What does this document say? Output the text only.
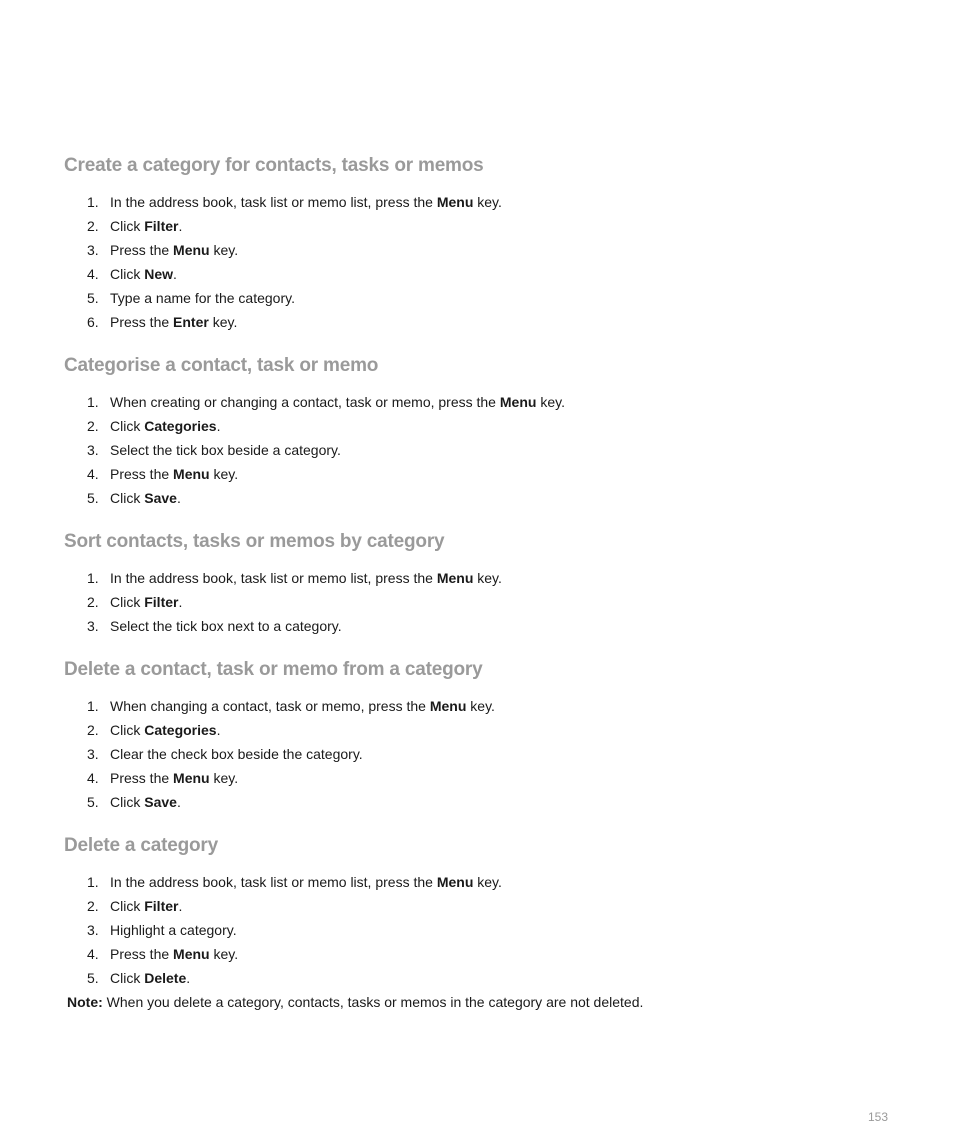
Create a category for contacts, tasks or memos
1. In the address book, task list or memo list, press the Menu key.
2. Click Filter.
3. Press the Menu key.
4. Click New.
5. Type a name for the category.
6. Press the Enter key.
Categorise a contact, task or memo
1. When creating or changing a contact, task or memo, press the Menu key.
2. Click Categories.
3. Select the tick box beside a category.
4. Press the Menu key.
5. Click Save.
Sort contacts, tasks or memos by category
1. In the address book, task list or memo list, press the Menu key.
2. Click Filter.
3. Select the tick box next to a category.
Delete a contact, task or memo from a category
1. When changing a contact, task or memo, press the Menu key.
2. Click Categories.
3. Clear the check box beside the category.
4. Press the Menu key.
5. Click Save.
Delete a category
1. In the address book, task list or memo list, press the Menu key.
2. Click Filter.
3. Highlight a category.
4. Press the Menu key.
5. Click Delete.
Note: When you delete a category, contacts, tasks or memos in the category are not deleted.
153
